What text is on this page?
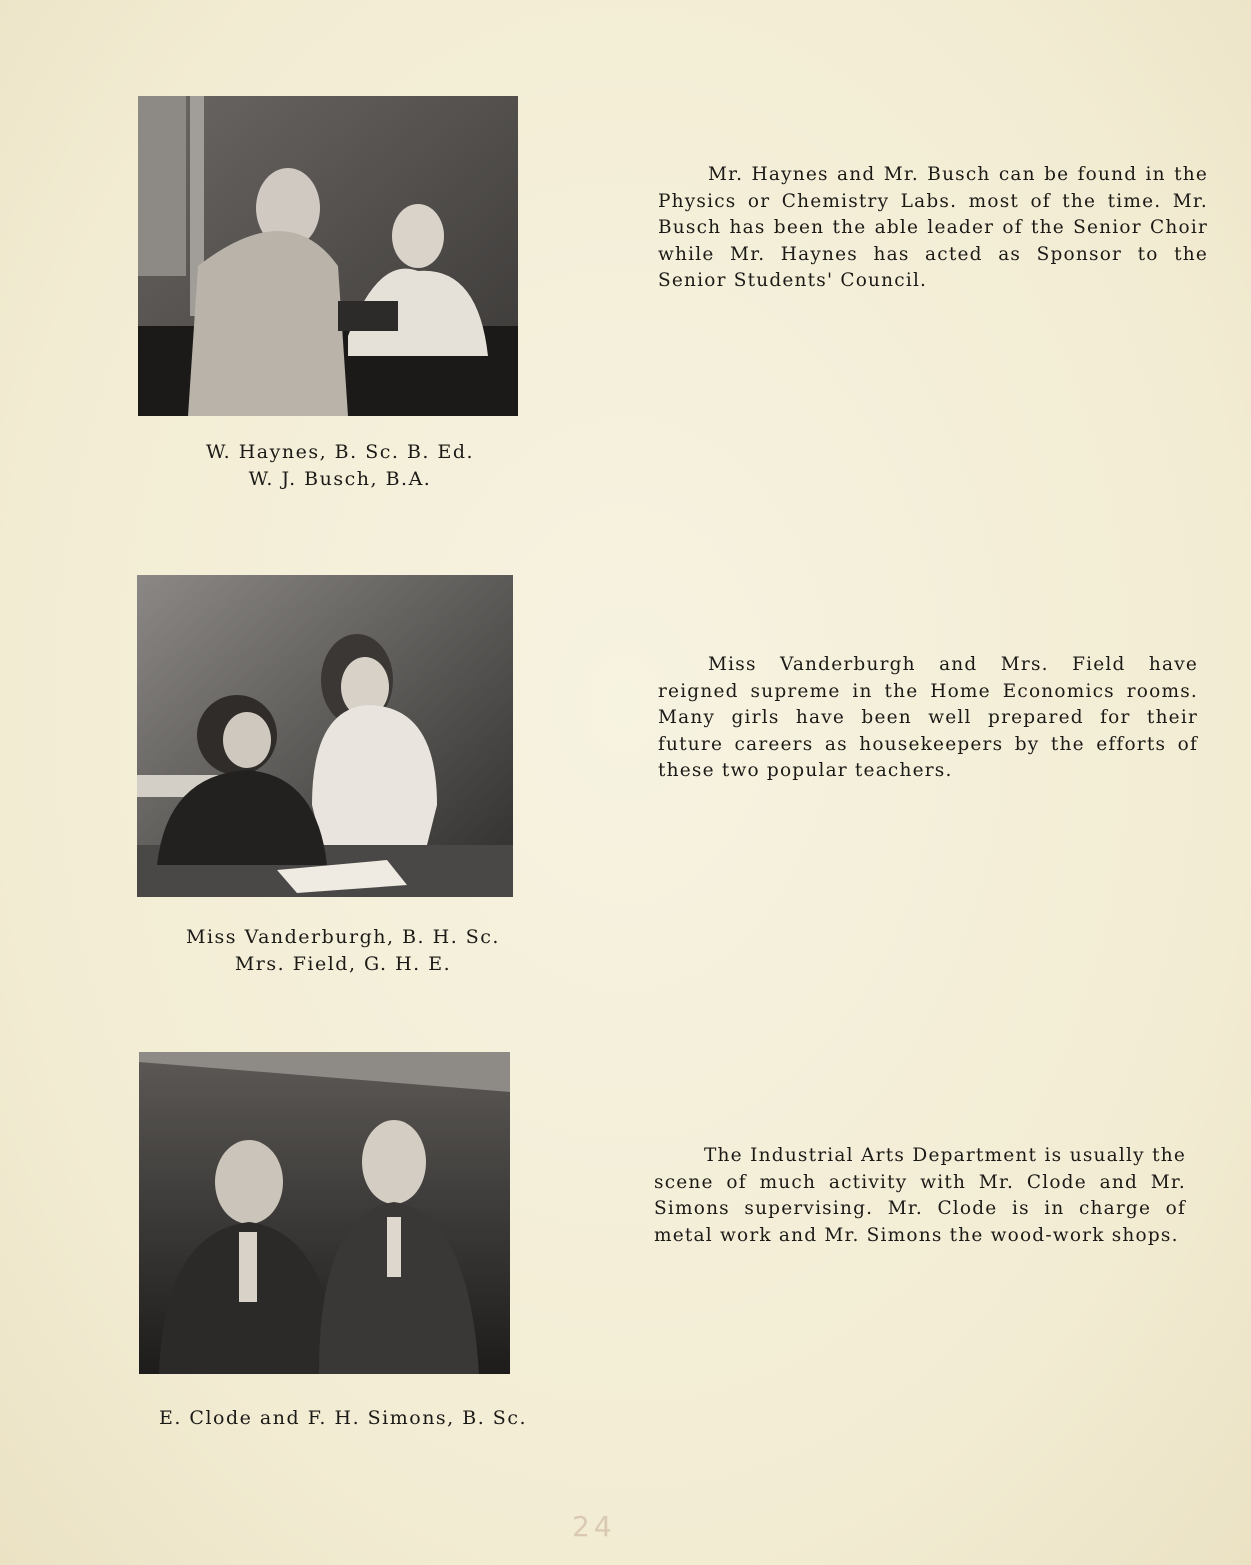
W. Haynes, B. Sc. B. Ed.
W. J. Busch, B.A.
Mr. Haynes and Mr. Busch can be found in the Physics or Chemistry Labs. most of the time. Mr. Busch has been the able leader of the Senior Choir while Mr. Haynes has acted as Sponsor to the Senior Students' Council.
Miss Vanderburgh, B. H. Sc.
Mrs. Field, G. H. E.
Miss Vanderburgh and Mrs. Field have reigned supreme in the Home Economics rooms. Many girls have been well prepared for their future careers as housekeepers by the efforts of these two popular teachers.
E. Clode and F. H. Simons, B. Sc.
The Industrial Arts Department is usually the scene of much activity with Mr. Clode and Mr. Simons supervising. Mr. Clode is in charge of metal work and Mr. Simons the wood-work shops.
24
